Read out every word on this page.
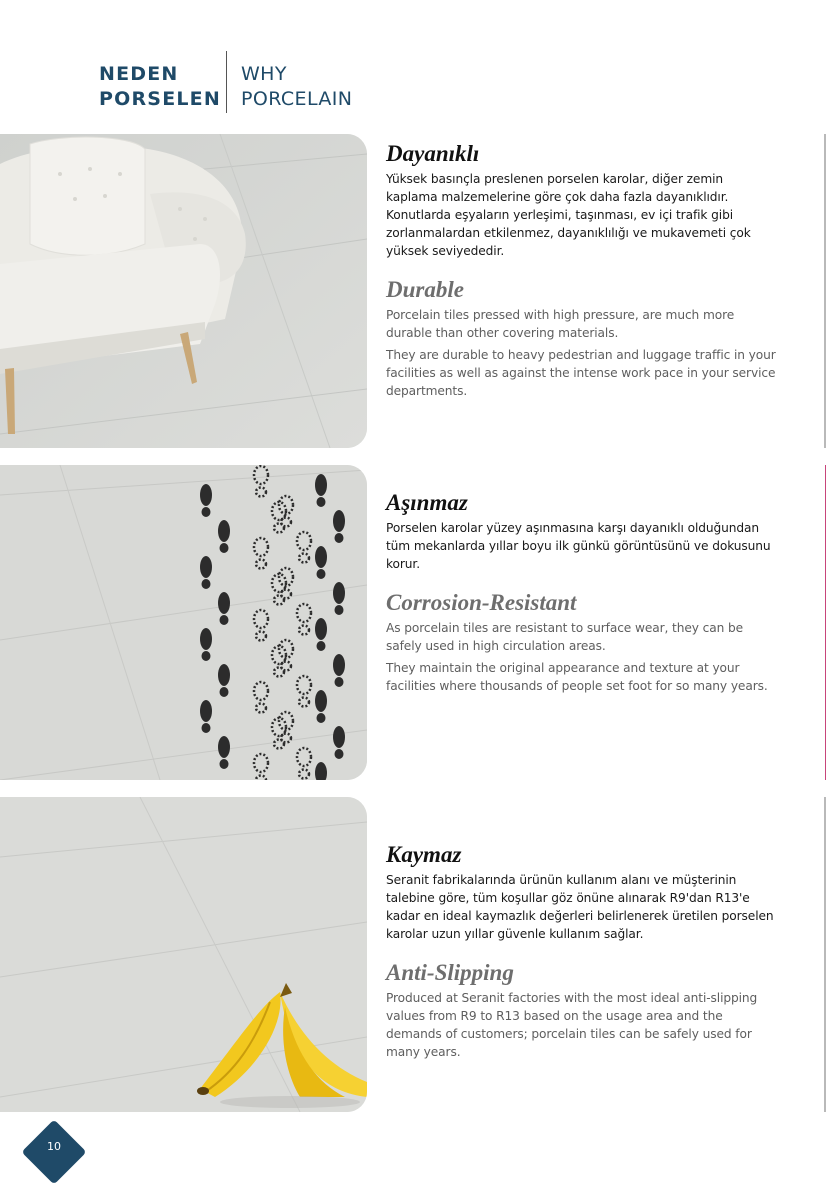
NEDEN
PORSELEN
WHY
PORCELAIN
Dayanıklı

Yüksek basınçla preslenen porselen karolar, diğer zemin kaplama malzemelerine göre çok daha fazla dayanıklıdır. Konutlarda eşyaların yerleşimi, taşınması, ev içi trafik gibi zorlanmalardan etkilenmez, dayanıklılığı ve mukavemeti çok yüksek seviyededir.

Durable

Porcelain tiles pressed with high pressure, are much more durable than other covering materials.

They are durable to heavy pedestrian and luggage traffic in your facilities as well as against the intense work pace in your service departments.

Aşınmaz

Porselen karolar yüzey aşınmasına karşı dayanıklı olduğundan tüm mekanlarda yıllar boyu ilk günkü görüntüsünü ve dokusunu korur.

Corrosion-Resistant

As porcelain tiles are resistant to surface wear, they can be safely used in high circulation areas.

They maintain the original appearance and texture at your facilities where thousands of people set foot for so many years.

Kaymaz

Seranit fabrikalarında ürünün kullanım alanı ve müşterinin talebine göre, tüm koşullar göz önüne alınarak R9'dan R13'e kadar en ideal kaymazlık değerleri belirlenerek üretilen porselen karolar uzun yıllar güvenle kullanım sağlar.

Anti-Slipping

Produced at Seranit factories with the most ideal anti-slipping values from R9 to R13 based on the usage area and the demands of customers; porcelain tiles can be safely used for many years.

10
